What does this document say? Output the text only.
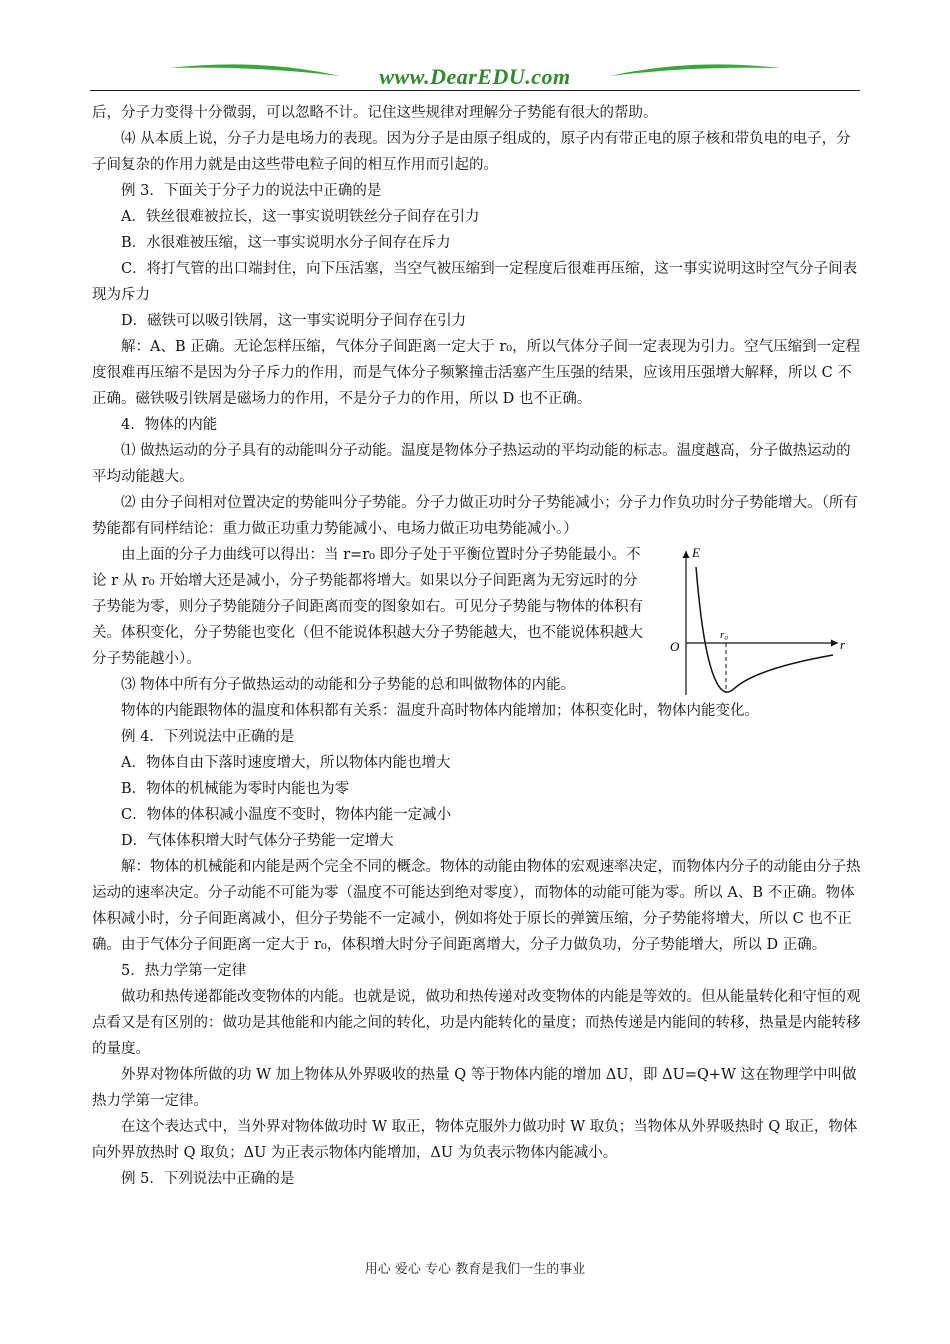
www.DearEDU.com

后，分子力变得十分微弱，可以忽略不计。记住这些规律对理解分子势能有很大的帮助。

⑷ 从本质上说，分子力是电场力的表现。因为分子是由原子组成的，原子内有带正电的原子核和带负电的电子，分子间复杂的作用力就是由这些带电粒子间的相互作用而引起的。

例 3．下面关于分子力的说法中正确的是

A．铁丝很难被拉长，这一事实说明铁丝分子间存在引力

B．水很难被压缩，这一事实说明水分子间存在斥力

C．将打气管的出口端封住，向下压活塞，当空气被压缩到一定程度后很难再压缩，这一事实说明这时空气分子间表现为斥力

D．磁铁可以吸引铁屑，这一事实说明分子间存在引力

解：A、B 正确。无论怎样压缩，气体分子间距离一定大于 r₀，所以气体分子间一定表现为引力。空气压缩到一定程度很难再压缩不是因为分子斥力的作用，而是气体分子频繁撞击活塞产生压强的结果，应该用压强增大解释，所以 C 不正确。磁铁吸引铁屑是磁场力的作用，不是分子力的作用，所以 D 也不正确。

4．物体的内能

⑴ 做热运动的分子具有的动能叫分子动能。温度是物体分子热运动的平均动能的标志。温度越高，分子做热运动的平均动能越大。

⑵ 由分子间相对位置决定的势能叫分子势能。分子力做正功时分子势能减小；分子力作负功时分子势能增大。（所有势能都有同样结论：重力做正功重力势能减小、电场力做正功电势能减小。）

由上面的分子力曲线可以得出：当 r=r₀ 即分子处于平衡位置时分子势能最小。不论 r 从 r₀ 开始增大还是减小，分子势能都将增大。如果以分子间距离为无穷远时的分子势能为零，则分子势能随分子间距离而变的图象如右。可见分子势能与物体的体积有关。体积变化，分子势能也变化（但不能说体积越大分子势能越大，也不能说体积越大分子势能越小）。

⑶ 物体中所有分子做热运动的动能和分子势能的总和叫做物体的内能。

物体的内能跟物体的温度和体积都有关系：温度升高时物体内能增加；体积变化时，物体内能变化。

例 4．下列说法中正确的是

A．物体自由下落时速度增大，所以物体内能也增大

B．物体的机械能为零时内能也为零

C．物体的体积减小温度不变时，物体内能一定减小

D．气体体积增大时气体分子势能一定增大

解：物体的机械能和内能是两个完全不同的概念。物体的动能由物体的宏观速率决定，而物体内分子的动能由分子热运动的速率决定。分子动能不可能为零（温度不可能达到绝对零度），而物体的动能可能为零。所以 A、B 不正确。物体体积减小时，分子间距离减小，但分子势能不一定减小，例如将处于原长的弹簧压缩，分子势能将增大，所以 C 也不正确。由于气体分子间距离一定大于 r₀，体积增大时分子间距离增大，分子力做负功，分子势能增大，所以 D 正确。

5．热力学第一定律

做功和热传递都能改变物体的内能。也就是说，做功和热传递对改变物体的内能是等效的。但从能量转化和守恒的观点看又是有区别的：做功是其他能和内能之间的转化，功是内能转化的量度；而热传递是内能间的转移，热量是内能转移的量度。

外界对物体所做的功 W 加上物体从外界吸收的热量 Q 等于物体内能的增加 ΔU，即 ΔU=Q+W 这在物理学中叫做热力学第一定律。

在这个表达式中，当外界对物体做功时 W 取正，物体克服外力做功时 W 取负；当物体从外界吸热时 Q 取正，物体向外界放热时 Q 取负；ΔU 为正表示物体内能增加，ΔU 为负表示物体内能减小。

例 5．下列说法中正确的是

E
r
O
r₀
用心 爱心 专心 教育是我们一生的事业
